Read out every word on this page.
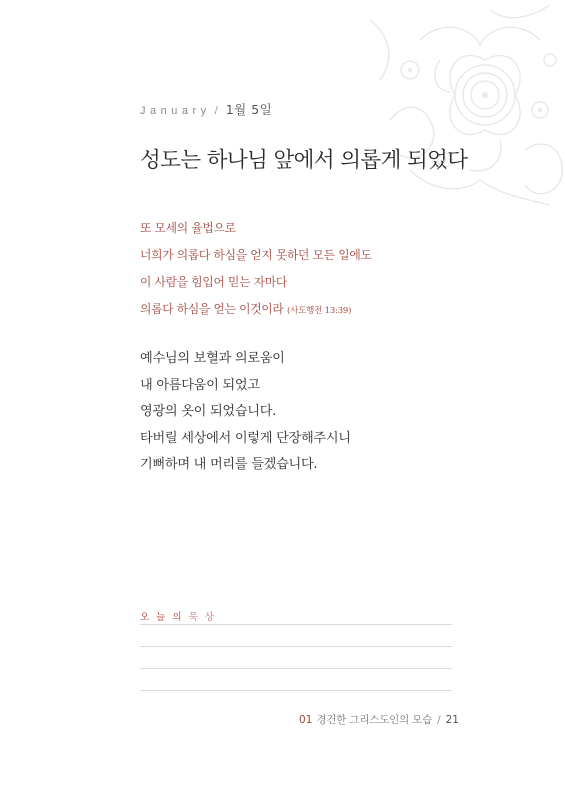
January / 1월 5일
성도는 하나님 앞에서 의롭게 되었다
또 모세의 율법으로
너희가 의롭다 하심을 얻지 못하던 모든 일에도
이 사람을 힘입어 믿는 자마다
의롭다 하심을 얻는 이것이라 (사도행전 13:39)
예수님의 보혈과 의로움이
내 아름다움이 되었고
영광의 옷이 되었습니다.
타버릴 세상에서 이렇게 단장해주시니
기뻐하며 내 머리를 들겠습니다.
오늘의묵상
01 경건한 그리스도인의 모습 / 21
